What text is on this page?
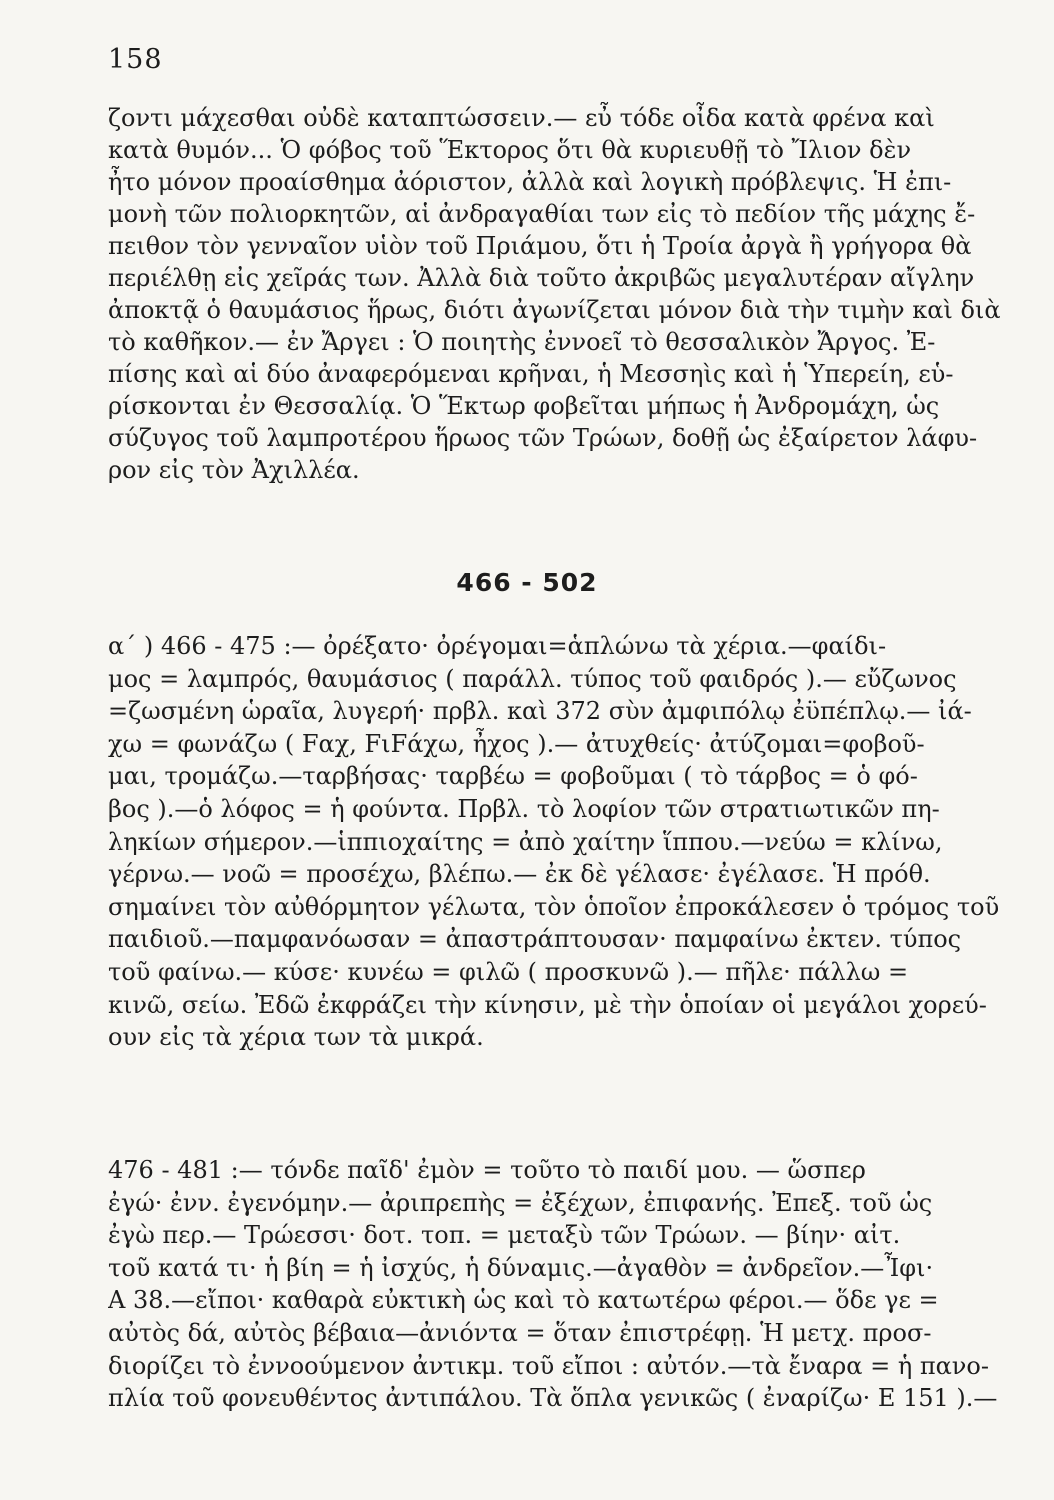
158
ζοντι μάχεσθαι οὐδὲ καταπτώσσειν.— εὖ τόδε οἶδα κατὰ φρένα καὶ
κατὰ θυμόν... Ὁ φόβος τοῦ Ἕκτορος ὅτι θὰ κυριευθῇ τὸ Ἴλιον δὲν
ἦτο μόνον προαίσθημα ἀόριστον, ἀλλὰ καὶ λογικὴ πρόβλεψις. Ἡ ἐπι-
μονὴ τῶν πολιορκητῶν, αἱ ἀνδραγαθίαι των εἰς τὸ πεδίον τῆς μάχης ἔ-
πειθον τὸν γενναῖον υἱὸν τοῦ Πριάμου, ὅτι ἡ Τροία ἀργὰ ἢ γρήγορα θὰ
περιέλθῃ εἰς χεῖράς των. Ἀλλὰ διὰ τοῦτο ἀκριβῶς μεγαλυτέραν αἴγλην
ἀποκτᾷ ὁ θαυμάσιος ἥρως, διότι ἀγωνίζεται μόνον διὰ τὴν τιμὴν καὶ διὰ
τὸ καθῆκον.— ἐν Ἄργει : Ὁ ποιητὴς ἐννοεῖ τὸ θεσσαλικὸν Ἄργος. Ἐ-
πίσης καὶ αἱ δύο ἀναφερόμεναι κρῆναι, ἡ Μεσσηὶς καὶ ἡ Ὑπερείη, εὑ-
ρίσκονται ἐν Θεσσαλίᾳ. Ὁ Ἕκτωρ φοβεῖται μήπως ἡ Ἀνδρομάχη, ὡς
σύζυγος τοῦ λαμπροτέρου ἥρωος τῶν Τρώων, δοθῇ ὡς ἐξαίρετον λάφυ-
ρον εἰς τὸν Ἀχιλλέα.
466 - 502
α΄ ) 466 - 475 :— ὀρέξατο· ὀρέγομαι=ἁπλώνω τὰ χέρια.—φαίδι-
μος = λαμπρός, θαυμάσιος ( παράλλ. τύπος τοῦ φαιδρός ).— εὔζωνος
=ζωσμένη ὡραῖα, λυγερή· πρβλ. καὶ 372 σὺν ἀμφιπόλῳ ἐϋπέπλῳ.— ἰά-
χω = φωνάζω ( Fαχ, FιFάχω, ἦχος ).— ἀτυχθείς· ἀτύζομαι=φοβοῦ-
μαι, τρομάζω.—ταρβήσας· ταρβέω = φοβοῦμαι ( τὸ τάρβος = ὁ φό-
βος ).—ὁ λόφος = ἡ φούντα. Πρβλ. τὸ λοφίον τῶν στρατιωτικῶν πη-
ληκίων σήμερον.—ἱππιοχαίτης = ἀπὸ χαίτην ἵππου.—νεύω = κλίνω,
γέρνω.— νοῶ = προσέχω, βλέπω.— ἐκ δὲ γέλασε· ἐγέλασε. Ἡ πρόθ.
σημαίνει τὸν αὐθόρμητον γέλωτα, τὸν ὁποῖον ἐπροκάλεσεν ὁ τρόμος τοῦ
παιδιοῦ.—παμφανόωσαν = ἀπαστράπτουσαν· παμφαίνω ἐκτεν. τύπος
τοῦ φαίνω.— κύσε· κυνέω = φιλῶ ( προσκυνῶ ).— πῆλε· πάλλω =
κινῶ, σείω. Ἐδῶ ἐκφράζει τὴν κίνησιν, μὲ τὴν ὁποίαν οἱ μεγάλοι χορεύ-
ουν εἰς τὰ χέρια των τὰ μικρά.
476 - 481 :— τόνδε παῖδ' ἐμὸν = τοῦτο τὸ παιδί μου. — ὥσπερ
ἐγώ· ἐνν. ἐγενόμην.— ἀριπρεπὴς = ἐξέχων, ἐπιφανής. Ἐπεξ. τοῦ ὡς
ἐγὼ περ.— Τρώεσσι· δοτ. τοπ. = μεταξὺ τῶν Τρώων. — βίην· αἰτ.
τοῦ κατά τι· ἡ βίη = ἡ ἰσχύς, ἡ δύναμις.—ἀγαθὸν = ἀνδρεῖον.—Ἶφι·
Α 38.—εἴποι· καθαρὰ εὐκτικὴ ὡς καὶ τὸ κατωτέρω φέροι.— ὅδε γε =
αὐτὸς δά, αὐτὸς βέβαια—ἀνιόντα = ὅταν ἐπιστρέφῃ. Ἡ μετχ. προσ-
διορίζει τὸ ἐννοούμενον ἀντικμ. τοῦ εἴποι : αὐτόν.—τὰ ἔναρα = ἡ πανο-
πλία τοῦ φονευθέντος ἀντιπάλου. Τὰ ὅπλα γενικῶς ( ἐναρίζω· Ε 151 ).—
